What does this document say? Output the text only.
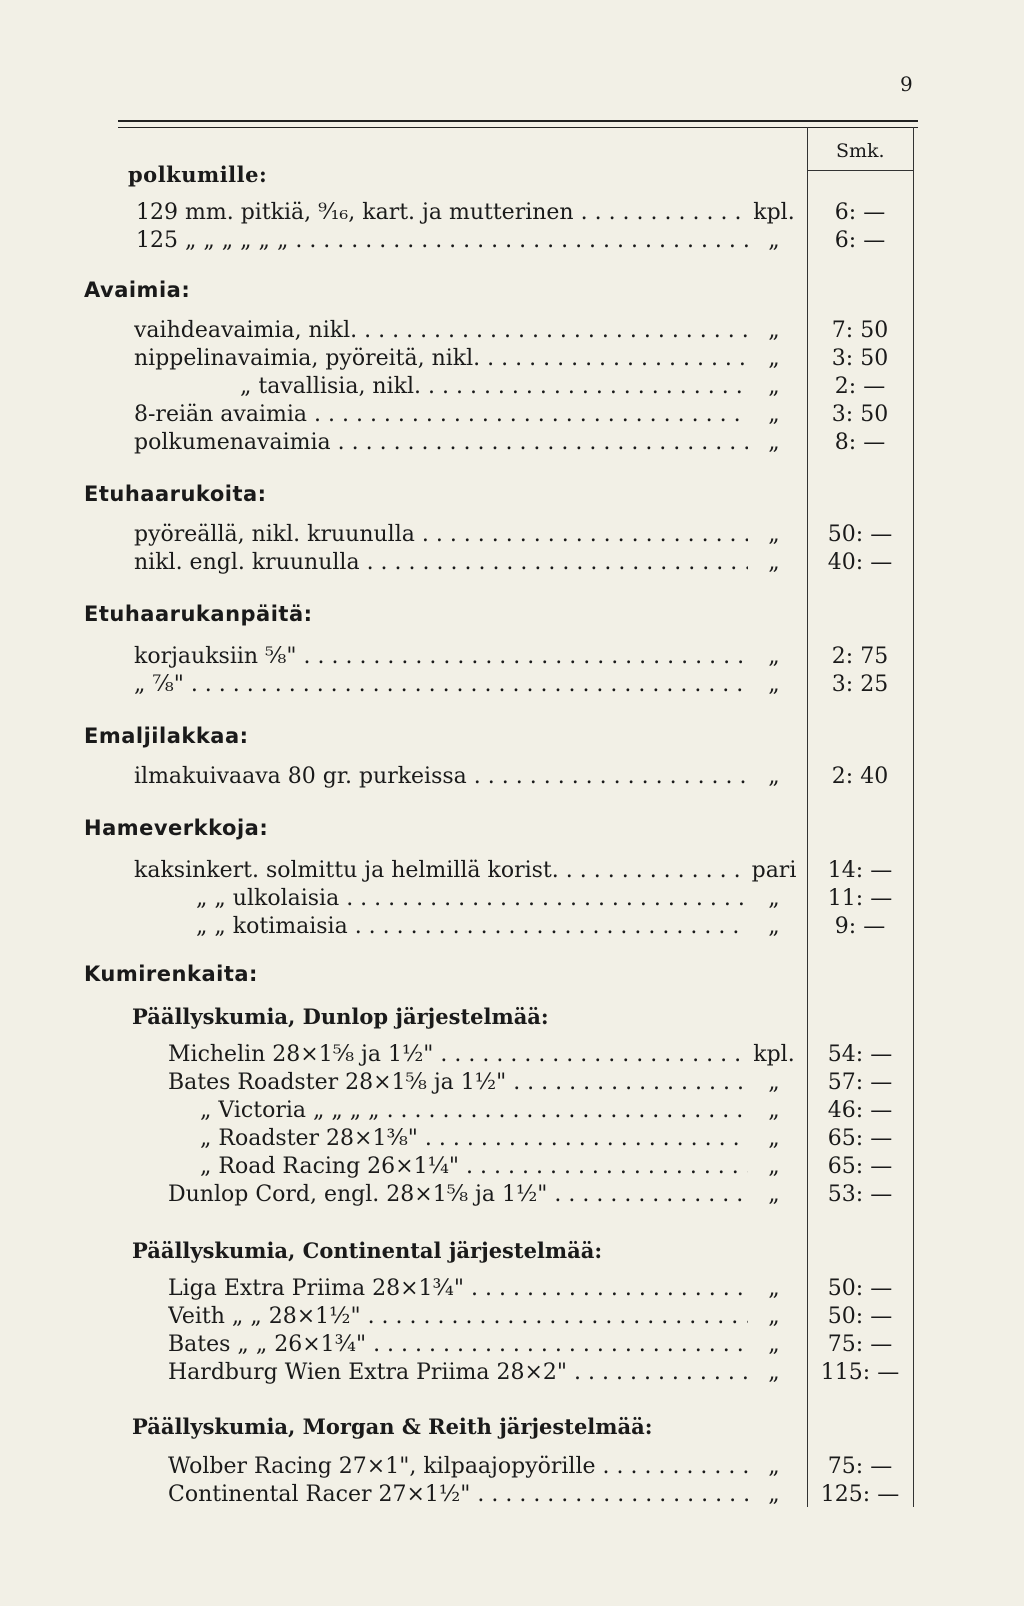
9
Smk.
polkumille:
129 mm. pitkiä, ⁹⁄₁₆, kart. ja mutterinen . . .	kpl.	6: —
125 „ „ „ „ „ „ . . .	„	6: —
Avaimia:
vaihdeavaimia, nikl. . . .	„	7: 50
nippelinavaimia, pyöreitä, nikl. . . .	„	3: 50
„ tavallisia, nikl. . . .	„	2: —
8-reiän avaimia . . .	„	3: 50
polkumenavaimia . . .	„	8: —
Etuhaarukoita:
pyöreällä, nikl. kruunulla . . .	„	50: —
nikl. engl. kruunulla . . .	„	40: —
Etuhaarukanpäitä:
korjauksiin ⁵⁄₈" . . .	„	2: 75
„ ⁷⁄₈" . . .	„	3: 25
Emaljilakkaa:
ilmakuivaava 80 gr. purkeissa . . .	„	2: 40
Hameverkkoja:
kaksinkert. solmittu ja helmillä korist. . . .	pari	14: —
„ „ ulkolaisia . . .	„	11: —
„ „ kotimaisia . . .	„	9: —
Kumirenkaita:
Päällyskumia, Dunlop järjestelmää:
Michelin 28×1⁵⁄₈ ja 1½" . . .	kpl.	54: —
Bates Roadster 28×1⁵⁄₈ ja 1½" . . .	„	57: —
„ Victoria „ „ „ „ . . .	„	46: —
„ Roadster 28×1³⁄₈" . . .	„	65: —
„ Road Racing 26×1¼" . . .	„	65: —
Dunlop Cord, engl. 28×1⁵⁄₈ ja 1½" . . .	„	53: —
Päällyskumia, Continental järjestelmää:
Liga Extra Priima 28×1¾" . . .	„	50: —
Veith „ „ 28×1½" . . .	„	50: —
Bates „ „ 26×1¾" . . .	„	75: —
Hardburg Wien Extra Priima 28×2" . . .	„	115: —
Päällyskumia, Morgan & Reith järjestelmää:
Wolber Racing 27×1", kilpaajopyörille . . .	„	75: —
Continental Racer 27×1½" . . .	„	125: —
